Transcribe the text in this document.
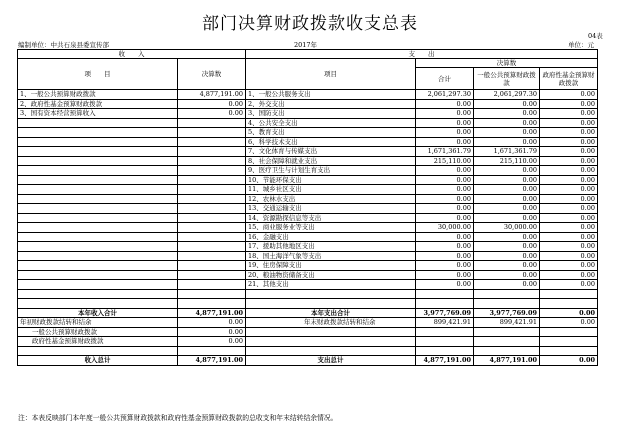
部门决算财政拨款收支总表
04表
编制单位：中共石泉县委宣传部	2017年	单位：元
收　　入		支　　出			
项　　目	决算数	项目	决算数		
			合计	一般公共预算财政拨款	政府性基金预算财政拨款

1、一般公共预算财政拨款	4,877,191.00	1、一般公共服务支出	2,061,297.30	2,061,297.30	0.00
2、政府性基金预算财政拨款	0.00	2、外交支出	0.00	0.00	0.00
3、国有资本经营预算收入	0.00	3、国防支出	0.00	0.00	0.00
		4、公共安全支出	0.00	0.00	0.00
		5、教育支出	0.00	0.00	0.00
		6、科学技术支出	0.00	0.00	0.00
		7、文化体育与传媒支出	1,671,361.79	1,671,361.79	0.00
		8、社会保障和就业支出	215,110.00	215,110.00	0.00
		9、医疗卫生与计划生育支出	0.00	0.00	0.00
		10、节能环保支出	0.00	0.00	0.00
		11、城乡社区支出	0.00	0.00	0.00
		12、农林水支出	0.00	0.00	0.00
		13、交通运输支出	0.00	0.00	0.00
		14、资源勘探信息等支出	0.00	0.00	0.00
		15、商业服务业等支出	30,000.00	30,000.00	0.00
		16、金融支出	0.00	0.00	0.00
		17、援助其他地区支出	0.00	0.00	0.00
		18、国土海洋气象等支出	0.00	0.00	0.00
		19、住房保障支出	0.00	0.00	0.00
		20、粮油物资储备支出	0.00	0.00	0.00
		21、其他支出	0.00	0.00	0.00

本年收入合计	4,877,191.00	本年支出合计	3,977,769.09	3,977,769.09	0.00
年初财政拨款结转和结余	0.00	年末财政拨款结转和结余	899,421.91	899,421.91	0.00
一般公共预算财政拨款	0.00				
政府性基金预算财政拨款	0.00				

收入总计	4,877,191.00	支出总计	4,877,191.00	4,877,191.00	0.00
注：本表反映部门本年度一般公共预算财政拨款和政府性基金预算财政拨款的总收支和年末结转结余情况。
